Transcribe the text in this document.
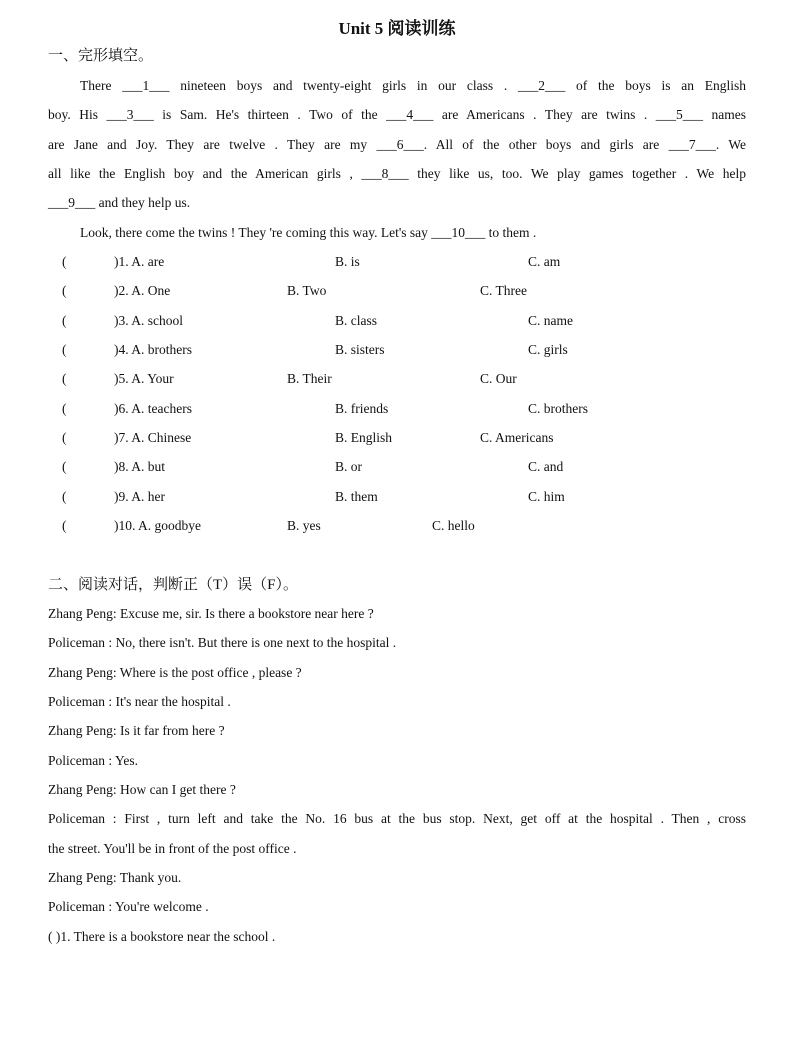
Unit 5 阅读训练
一、完形填空。
There ___1___ nineteen boys and twenty-eight girls in our class . ___2___ of the boys is an English
boy. His ___3___ is Sam. He's thirteen . Two of the ___4___ are Americans . They are twins . ___5___ names
are Jane and Joy. They are twelve . They are my ___6___. All of the other boys and girls are ___7___. We
all like the English boy and the American girls , ___8___ they like us, too. We play games together . We help
___9___ and they help us.
Look, there come the twins ! They 're coming this way. Let's say ___10___ to them .
(	)1. A. are	B. is	C. am
(	)2. A. One	B. Two	C. Three
(	)3. A. school	B. class	C. name
(	)4. A. brothers	B. sisters	C. girls
(	)5. A. Your	B. Their	C. Our
(	)6. A. teachers	B. friends	C. brothers
(	)7. A. Chinese	B. English	C. Americans
(	)8. A. but	B. or	C. and
(	)9. A. her	B. them	C. him
(	)10. A. goodbye	B. yes	C. hello
二、阅读对话，判断正（T）误（F）。
Zhang Peng: Excuse me, sir. Is there a bookstore near here ?
Policeman : No, there isn't. But there is one next to the hospital .
Zhang Peng: Where is the post office , please ?
Policeman : It's near the hospital .
Zhang Peng: Is it far from here ?
Policeman : Yes.
Zhang Peng: How can I get there ?
Policeman : First , turn left and take the No. 16 bus at the bus stop. Next, get off at the hospital . Then , cross
the street. You'll be in front of the post office .
Zhang Peng: Thank you.
Policeman : You're welcome .
( )1. There is a bookstore near the school .
